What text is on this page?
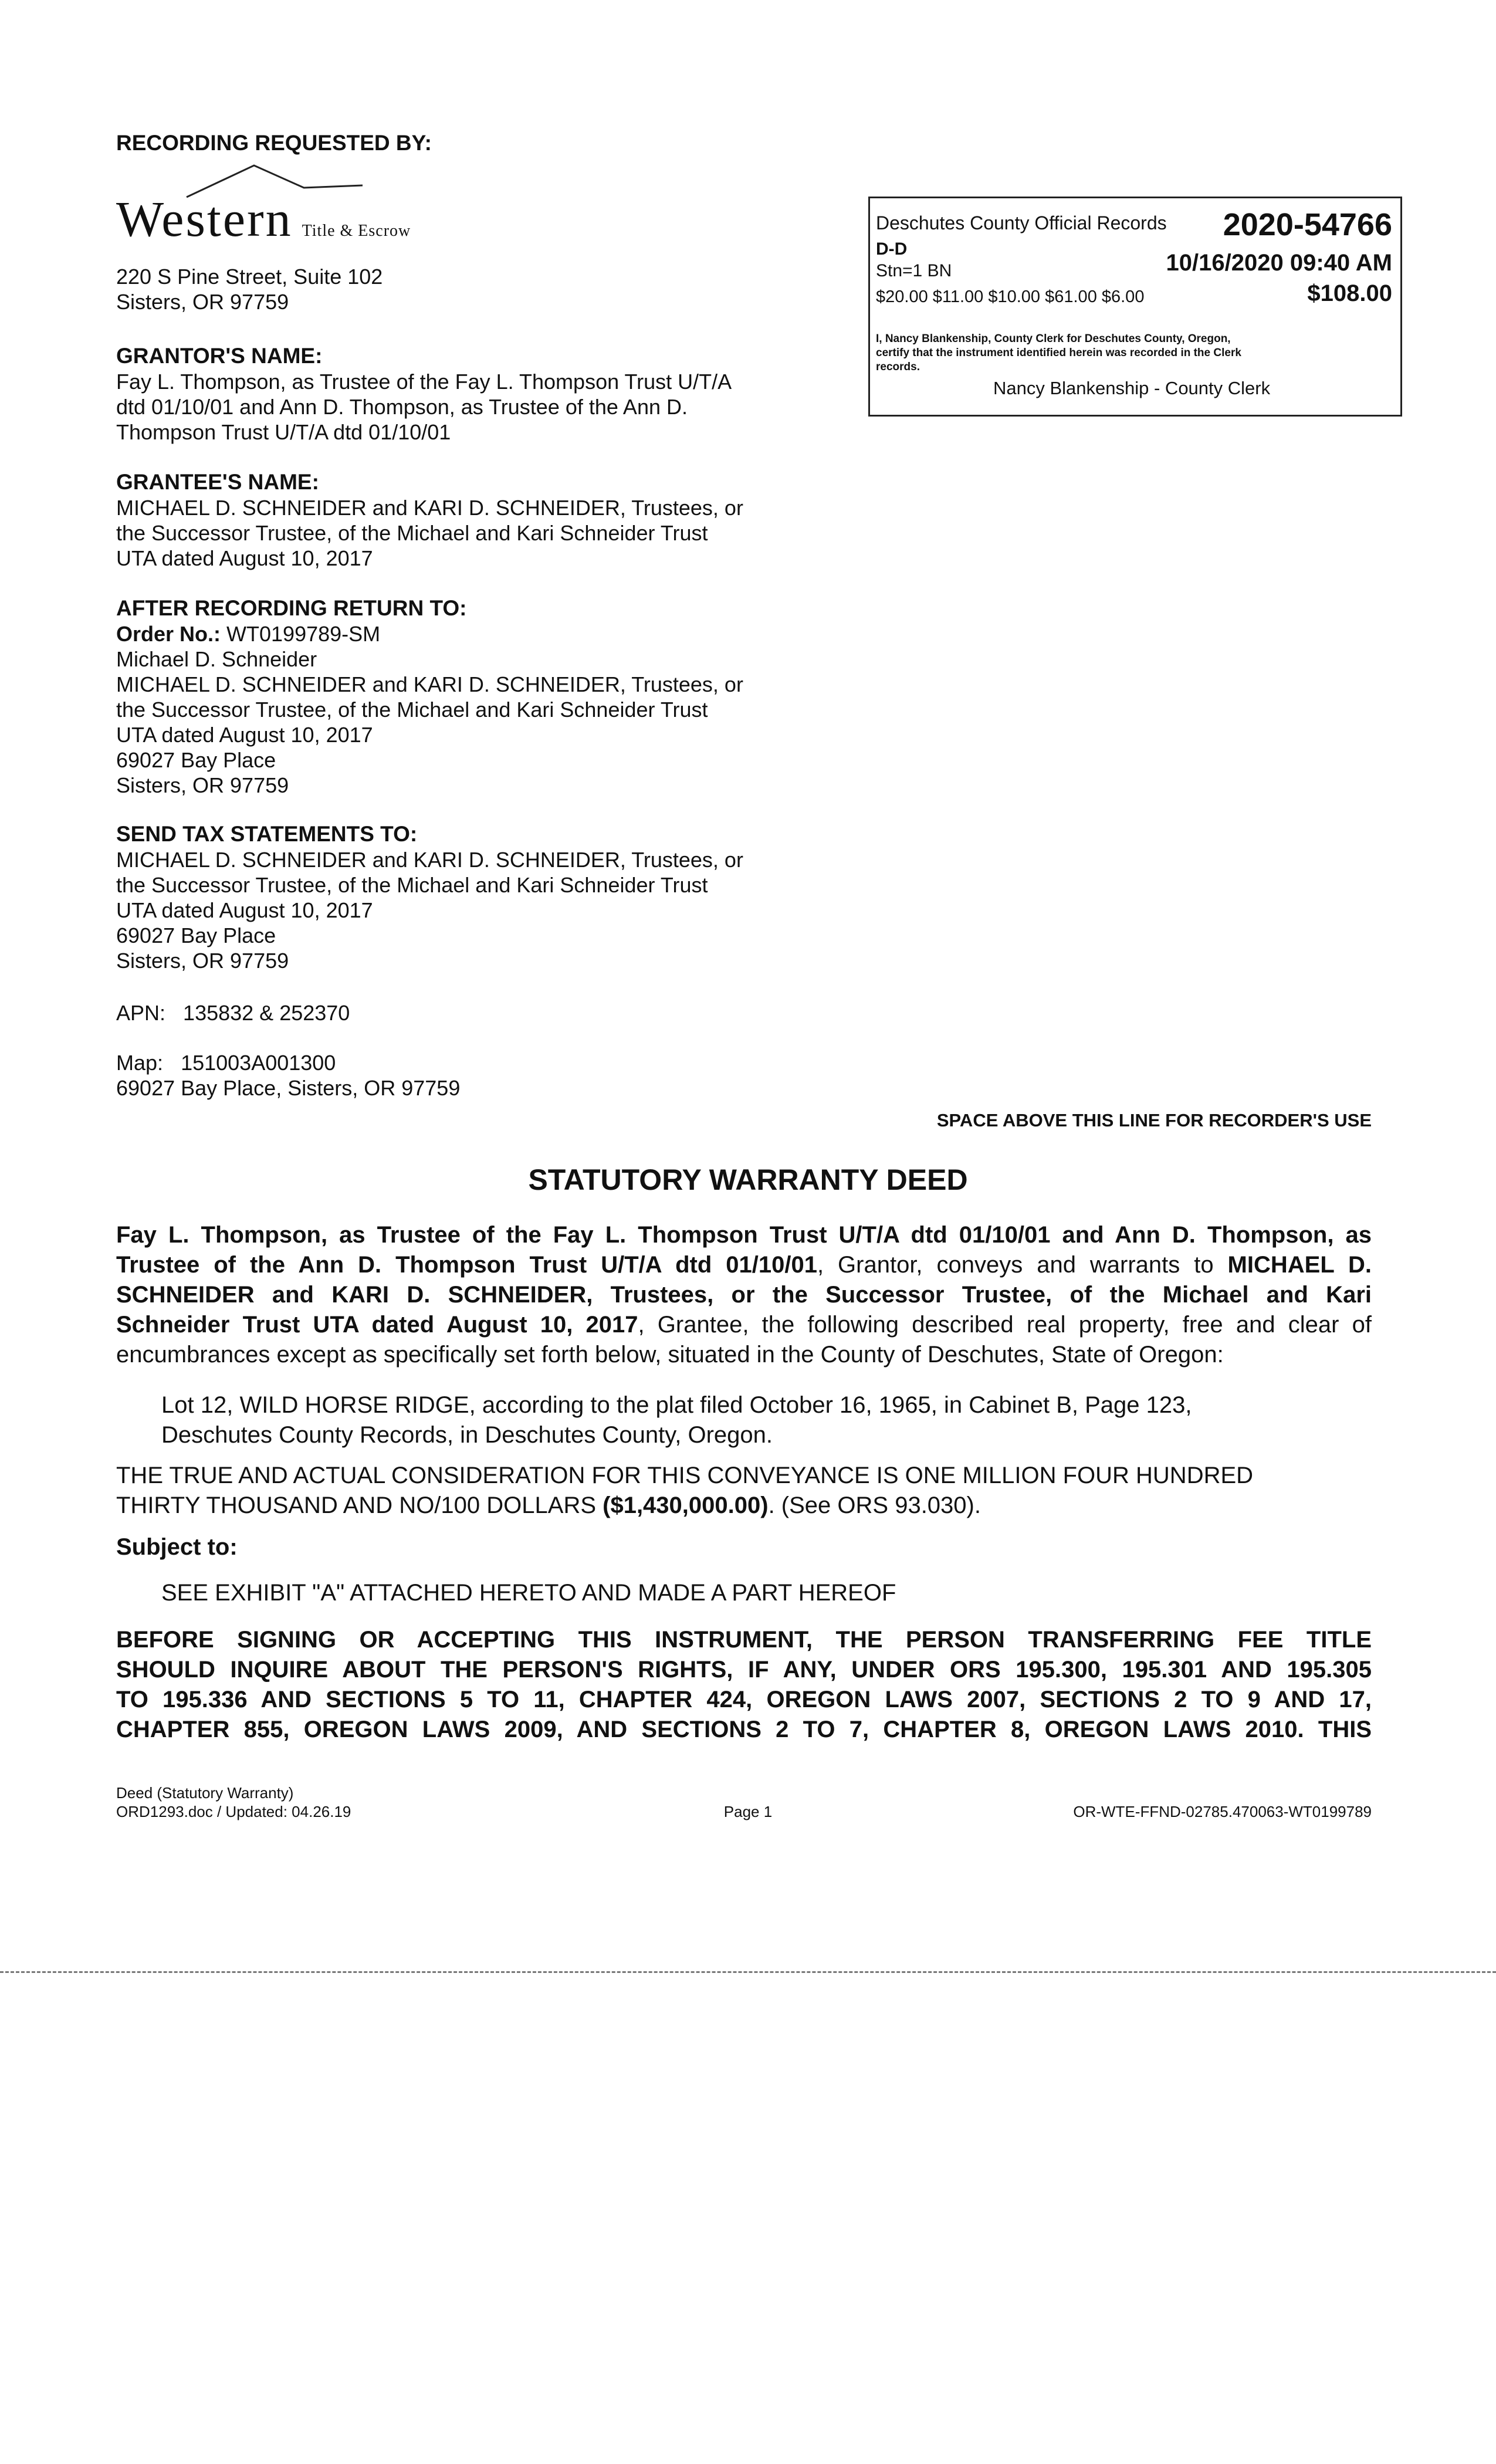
RECORDING REQUESTED BY:
Western Title & Escrow
220 S Pine Street, Suite 102
Sisters, OR 97759
GRANTOR'S NAME:
Fay L. Thompson, as Trustee of the Fay L. Thompson Trust U/T/A
dtd 01/10/01 and Ann D. Thompson, as Trustee of the Ann D.
Thompson Trust U/T/A dtd 01/10/01
GRANTEE'S NAME:
MICHAEL D. SCHNEIDER and KARI D. SCHNEIDER, Trustees, or
the Successor Trustee, of the Michael and Kari Schneider Trust
UTA dated August 10, 2017
AFTER RECORDING RETURN TO:
Order No.: WT0199789-SM
Michael D. Schneider
MICHAEL D. SCHNEIDER and KARI D. SCHNEIDER, Trustees, or
the Successor Trustee, of the Michael and Kari Schneider Trust
UTA dated August 10, 2017
69027 Bay Place
Sisters, OR 97759
SEND TAX STATEMENTS TO:
MICHAEL D. SCHNEIDER and KARI D. SCHNEIDER, Trustees, or
the Successor Trustee, of the Michael and Kari Schneider Trust
UTA dated August 10, 2017
69027 Bay Place
Sisters, OR 97759
APN: 135832 & 252370
Map: 151003A001300
69027 Bay Place, Sisters, OR 97759
Deschutes County Official Records 2020-54766
D-D
Stn=1 BN	10/16/2020 09:40 AM
$20.00 $11.00 $10.00 $61.00 $6.00	$108.00
I, Nancy Blankenship, County Clerk for Deschutes County, Oregon,
certify that the instrument identified herein was recorded in the Clerk
records.
Nancy Blankenship - County Clerk
SPACE ABOVE THIS LINE FOR RECORDER'S USE
STATUTORY WARRANTY DEED
Fay L. Thompson, as Trustee of the Fay L. Thompson Trust U/T/A dtd 01/10/01 and Ann D. Thompson, as
Trustee of the Ann D. Thompson Trust U/T/A dtd 01/10/01, Grantor, conveys and warrants to MICHAEL D.
SCHNEIDER and KARI D. SCHNEIDER, Trustees, or the Successor Trustee, of the Michael and Kari
Schneider Trust UTA dated August 10, 2017, Grantee, the following described real property, free and clear of
encumbrances except as specifically set forth below, situated in the County of Deschutes, State of Oregon:
Lot 12, WILD HORSE RIDGE, according to the plat filed October 16, 1965, in Cabinet B, Page 123,
Deschutes County Records, in Deschutes County, Oregon.
THE TRUE AND ACTUAL CONSIDERATION FOR THIS CONVEYANCE IS ONE MILLION FOUR HUNDRED
THIRTY THOUSAND AND NO/100 DOLLARS ($1,430,000.00). (See ORS 93.030).
Subject to:
SEE EXHIBIT "A" ATTACHED HERETO AND MADE A PART HEREOF
BEFORE SIGNING OR ACCEPTING THIS INSTRUMENT, THE PERSON TRANSFERRING FEE TITLE
SHOULD INQUIRE ABOUT THE PERSON'S RIGHTS, IF ANY, UNDER ORS 195.300, 195.301 AND 195.305
TO 195.336 AND SECTIONS 5 TO 11, CHAPTER 424, OREGON LAWS 2007, SECTIONS 2 TO 9 AND 17,
CHAPTER 855, OREGON LAWS 2009, AND SECTIONS 2 TO 7, CHAPTER 8, OREGON LAWS 2010. THIS
Deed (Statutory Warranty)
ORD1293.doc / Updated: 04.26.19	Page 1	OR-WTE-FFND-02785.470063-WT0199789
